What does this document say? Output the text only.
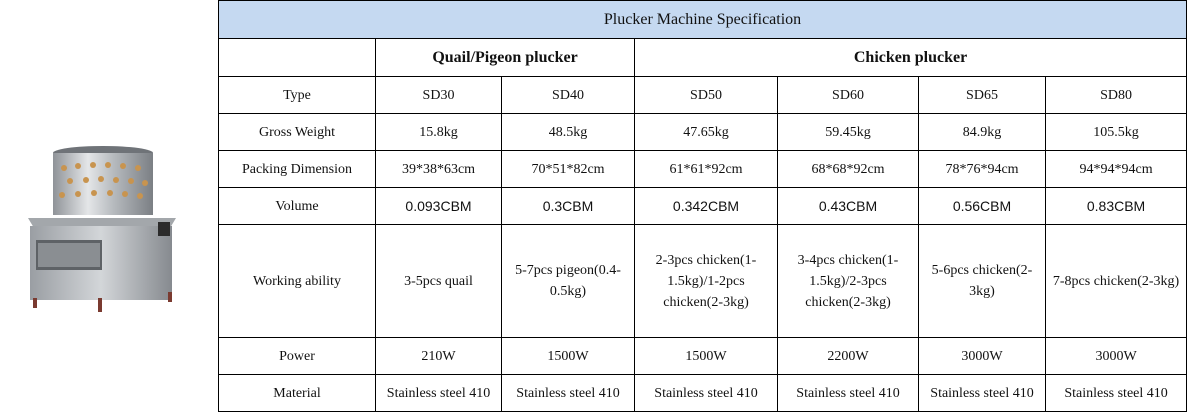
Plucker Machine Specification						
	Quail/Pigeon plucker		Chicken plucker			
Type	SD30	SD40	SD50	SD60	SD65	SD80
Gross Weight	15.8kg	48.5kg	47.65kg	59.45kg	84.9kg	105.5kg
Packing Dimension	39*38*63cm	70*51*82cm	61*61*92cm	68*68*92cm	78*76*94cm	94*94*94cm
Volume	0.093CBM	0.3CBM	0.342CBM	0.43CBM	0.56CBM	0.83CBM
Working ability	3-5pcs quail	5-7pcs pigeon(0.4-0.5kg)	2-3pcs chicken(1-1.5kg)/1-2pcs chicken(2-3kg)	3-4pcs chicken(1-1.5kg)/2-3pcs chicken(2-3kg)	5-6pcs chicken(2-3kg)	7-8pcs chicken(2-3kg)
Power	210W	1500W	1500W	2200W	3000W	3000W
Material	Stainless steel 410	Stainless steel 410	Stainless steel 410	Stainless steel 410	Stainless steel 410	Stainless steel 410
